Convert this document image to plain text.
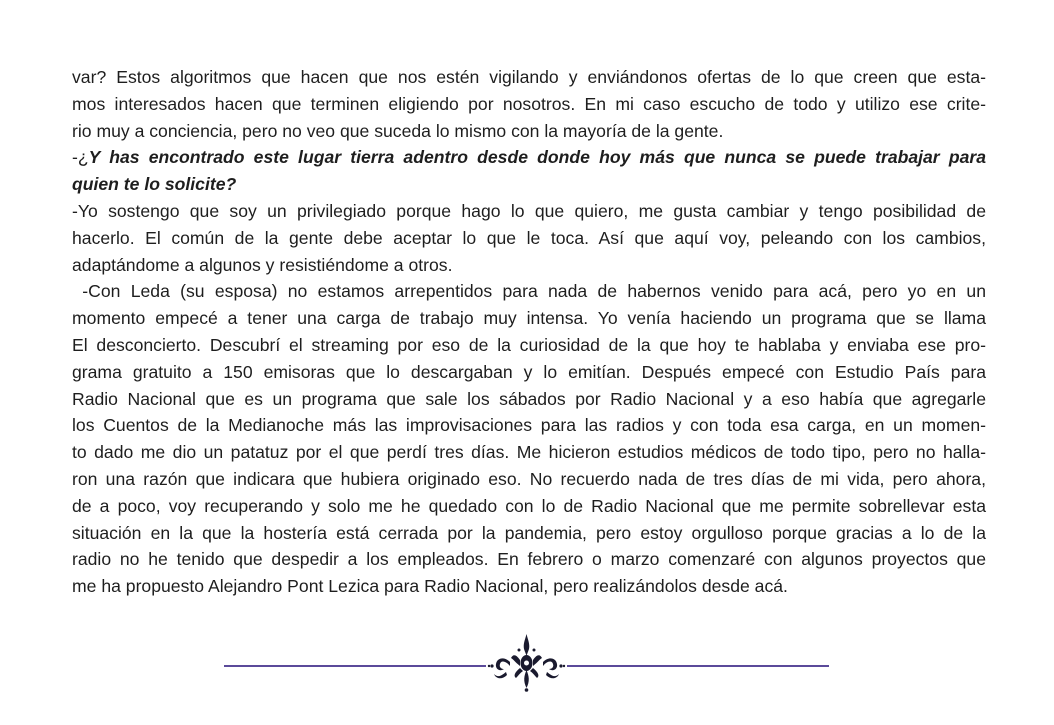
var? Estos algoritmos que hacen que nos estén vigilando y enviándonos ofertas de lo que creen que esta-
mos interesados hacen que terminen eligiendo por nosotros. En mi caso escucho de todo y utilizo ese crite-
rio muy a conciencia, pero no veo que suceda lo mismo con la mayoría de la gente.
-¿Y has encontrado este lugar tierra adentro desde donde hoy más que nunca se puede trabajar para
quien te lo solicite?
-Yo sostengo que soy un privilegiado porque hago lo que quiero, me gusta cambiar y tengo posibilidad de
hacerlo. El común de la gente debe aceptar lo que le toca. Así que aquí voy, peleando con los cambios,
adaptándome a algunos y resistiéndome a otros.
-Con Leda (su esposa) no estamos arrepentidos para nada de habernos venido para acá, pero yo en un
momento empecé a tener una carga de trabajo muy intensa. Yo venía haciendo un programa que se llama
El desconcierto. Descubrí el streaming por eso de la curiosidad de la que hoy te hablaba y enviaba ese pro-
grama gratuito a 150 emisoras que lo descargaban y lo emitían. Después empecé con Estudio País para
Radio Nacional que es un programa que sale los sábados por Radio Nacional y a eso había que agregarle
los Cuentos de la Medianoche más las improvisaciones para las radios y con toda esa carga, en un momen-
to dado me dio un patatuz por el que perdí tres días. Me hicieron estudios médicos de todo tipo, pero no halla-
ron una razón que indicara que hubiera originado eso. No recuerdo nada de tres días de mi vida, pero ahora,
de a poco, voy recuperando y solo me he quedado con lo de Radio Nacional que me permite sobrellevar esta
situación en la que la hostería está cerrada por la pandemia, pero estoy orgulloso porque gracias a lo de la
radio no he tenido que despedir a los empleados. En febrero o marzo comenzaré con algunos proyectos que
me ha propuesto Alejandro Pont Lezica para Radio Nacional, pero realizándolos desde acá.
